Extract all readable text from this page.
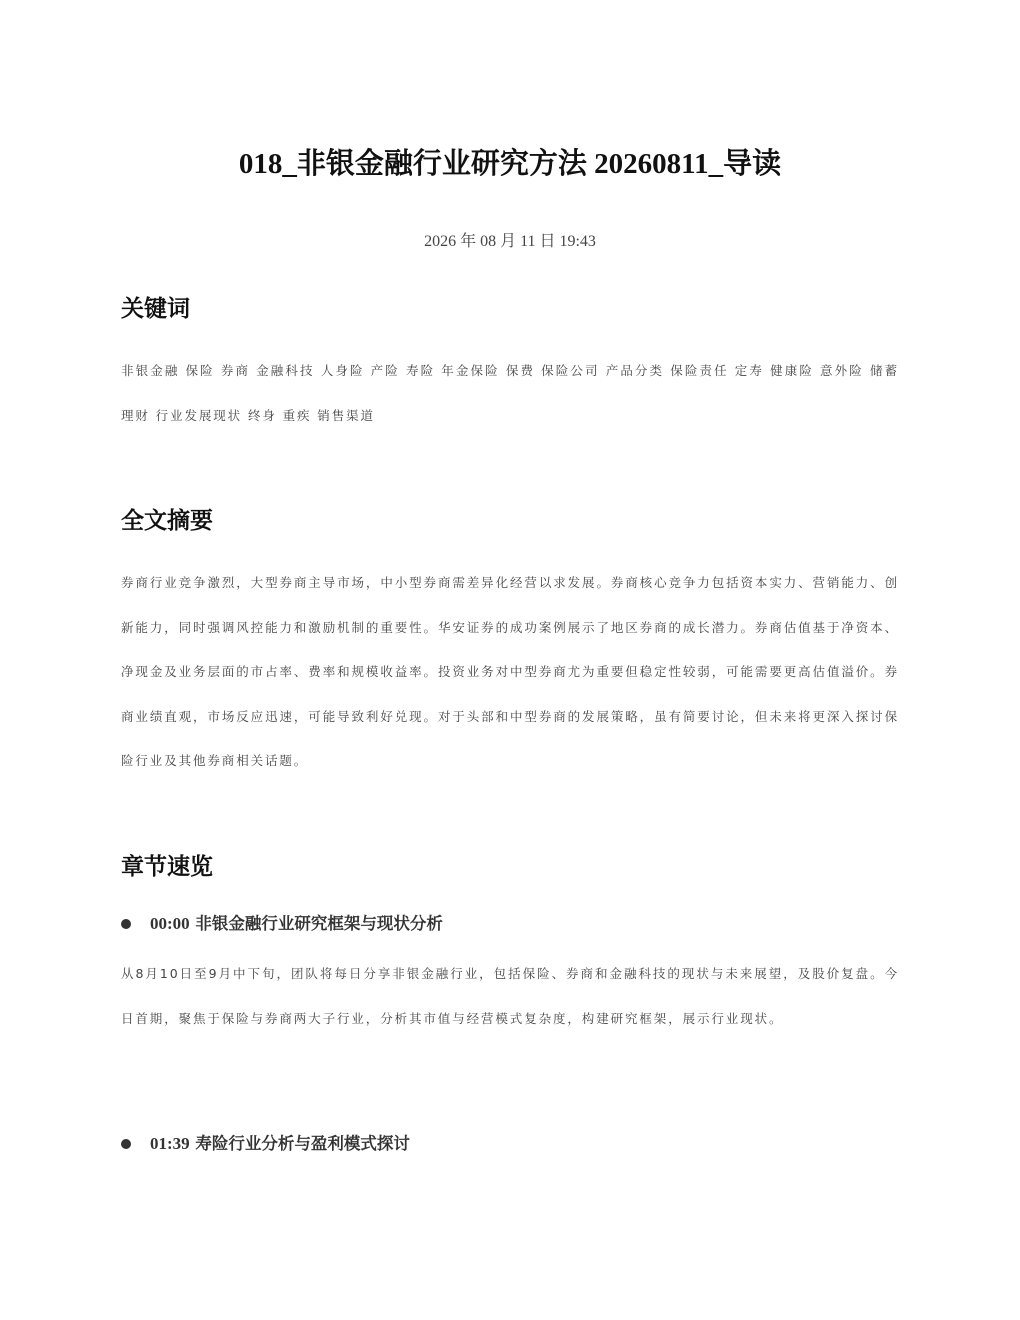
018_非银金融行业研究方法 20260811_导读
2026 年 08 月 11 日 19:43
关键词

非银金融 保险 券商 金融科技 人身险 产险 寿险 年金保险 保费 保险公司 产品分类 保险责任 定寿 健康险 意外险 储蓄理财 行业发展现状 终身 重疾 销售渠道

全文摘要

券商行业竞争激烈，大型券商主导市场，中小型券商需差异化经营以求发展。券商核心竞争力包括资本实力、营销能力、创新能力，同时强调风控能力和激励机制的重要性。华安证券的成功案例展示了地区券商的成长潜力。券商估值基于净资本、净现金及业务层面的市占率、费率和规模收益率。投资业务对中型券商尤为重要但稳定性较弱，可能需要更高估值溢价。券商业绩直观，市场反应迅速，可能导致利好兑现。对于头部和中型券商的发展策略，虽有简要讨论，但未来将更深入探讨保险行业及其他券商相关话题。

章节速览
00:00 非银金融行业研究框架与现状分析

从8月10日至9月中下旬，团队将每日分享非银金融行业，包括保险、券商和金融科技的现状与未来展望，及股价复盘。今日首期，聚焦于保险与券商两大子行业，分析其市值与经营模式复杂度，构建研究框架，展示行业现状。

01:39 寿险行业分析与盈利模式探讨
